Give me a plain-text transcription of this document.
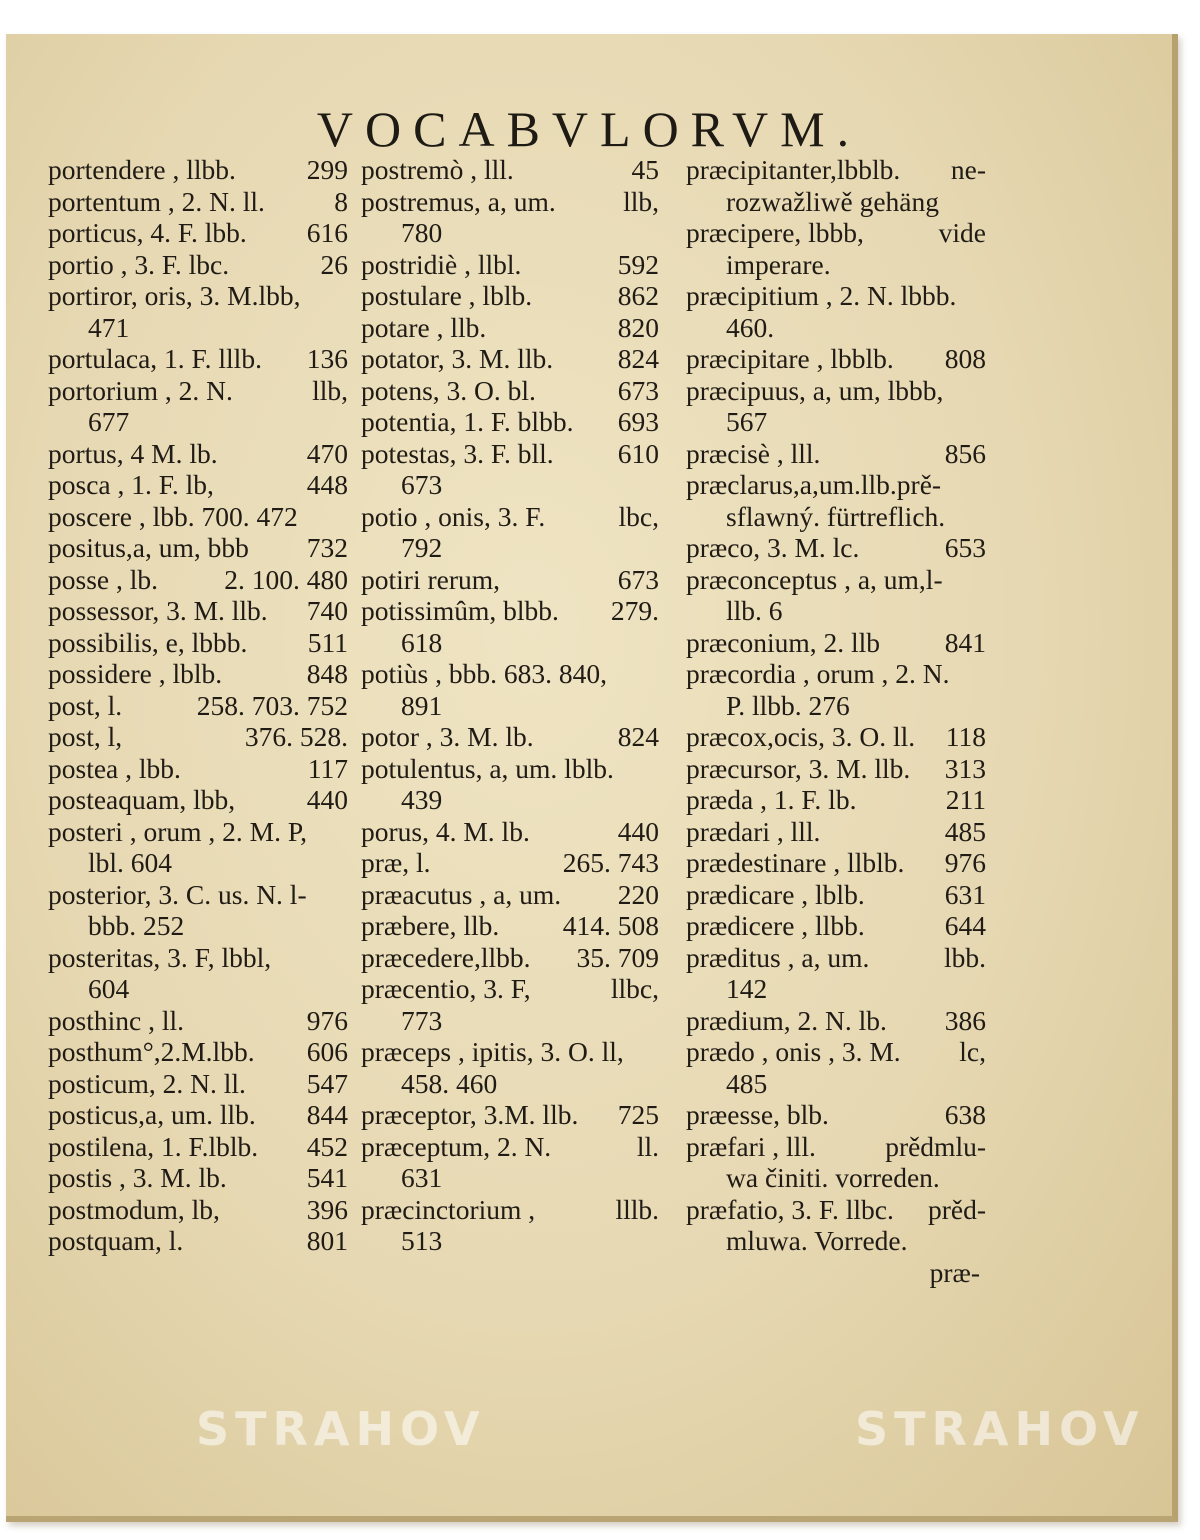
VOCABVLORVM.
portendere , llbb.	299
portentum , 2. N. ll.	8
porticus, 4. F. lbb. 616
portio , 3. F. lbc.	26
portiror, oris, 3. M.lbb,
471
portulaca, 1. F. lllb. 136
portorium , 2. N.	llb,
677
portus, 4 M. lb.	470
posca , 1. F. lb,	448
poscere , lbb. 700. 472
positus,a, um, bbb 732
posse , lb. 2. 100. 480
possessor, 3. M. llb. 740
possibilis, e, lbbb. 511
possidere , lblb.	848
post, l.	258. 703. 752
post, l,	376. 528.
postea , lbb.	117
posteaquam, lbb,	440
posteri , orum , 2. M. P,
lbl. 604
posterior, 3. C. us. N. l-
bbb. 252
posteritas, 3. F, lbbl,
604
posthinc , ll.	976
posthum°,2.M.lbb. 606
posticum, 2. N. ll. 547
posticus,a, um. llb. 844
postilena, 1. F.lblb. 452
postis , 3. M. lb.	541
postmodum, lb,	396
postquam, l.	801
postremò , lll.	45
postremus, a, um. llb,
780
postridiè , llbl.	592
postulare , lblb.	862
potare , llb.	820
potator, 3. M. llb. 824
potens, 3. O. bl.	673
potentia, 1. F. blbb. 693
potestas, 3. F. bll. 610
673
potio , onis, 3. F.	lbc,
792
potiri rerum,	673
potissimûm, blbb. 279.
618
potiùs , bbb. 683. 840,
891
potor , 3. M. lb.	824
potulentus, a, um. lblb.
439
porus, 4. M. lb.	440
præ, l.	265. 743
præacutus , a, um. 220
præbere, llb. 414. 508
præcedere,llbb. 35. 709
præcentio, 3. F,	llbc,
773
præceps , ipitis, 3. O. ll,
458. 460
præceptor, 3.M. llb. 725
præceptum, 2. N.	ll.
631
præcinctorium ,	lllb.
513
præcipitanter,lbblb. ne-
rozwažliwě gehäng
præcipere, lbbb,	vide
imperare.
præcipitium , 2. N. lbbb.
460.
præcipitare , lbblb. 808
præcipuus, a, um, lbbb,
567
præcisè , lll.	856
præclarus,a,um.llb.prě-
sflawný. fürtreflich.
præco, 3. M. lc.	653
præconceptus , a, um,l-
llb. 6
præconium, 2. llb 841
præcordia , orum , 2. N.
P. llbb. 276
præcox,ocis, 3. O. ll. 118
præcursor, 3. M. llb. 313
præda , 1. F. lb.	211
prædari , lll.	485
prædestinare , llblb. 976
prædicare , lblb.	631
prædicere , llbb.	644
præditus , a, um.	lbb.
142
prædium, 2. N. lb. 386
prædo , onis , 3. M. lc,
485
præesse, blb.	638
præfari , lll.	prědmlu-
wa činiti. vorreden.
præfatio, 3. F. llbc. prěd-
mluwa. Vorrede.
præ-
STRAHOV	STRAHOV
